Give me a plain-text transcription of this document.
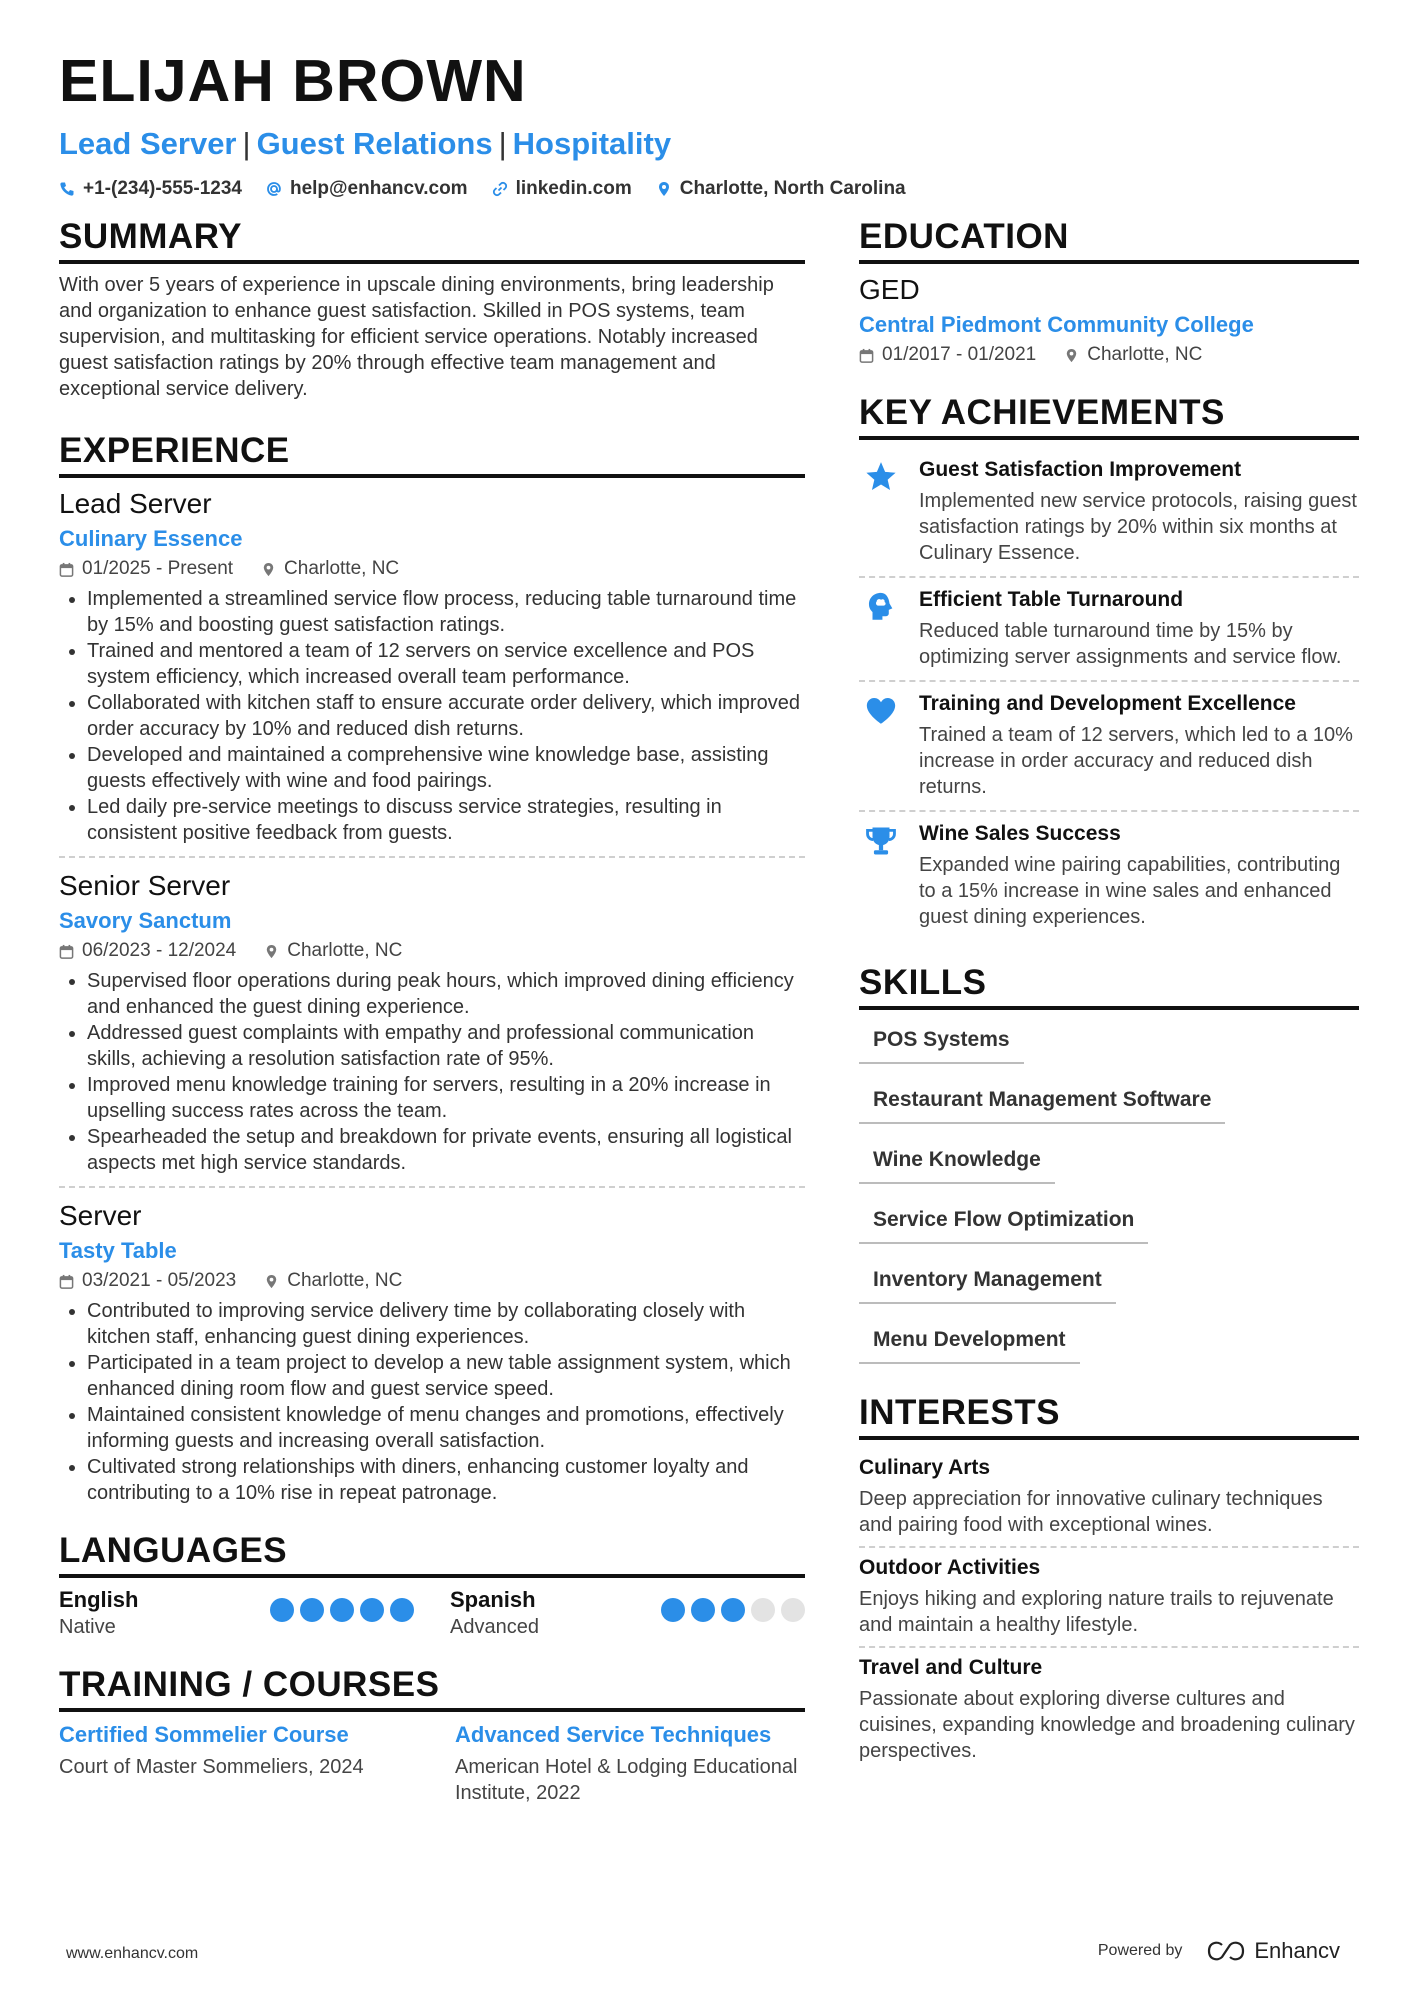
ELIJAH BROWN
Lead Server | Guest Relations | Hospitality
+1-(234)-555-1234	help@enhancv.com	linkedin.com	Charlotte, North Carolina
SUMMARY
With over 5 years of experience in upscale dining environments, bring leadership and organization to enhance guest satisfaction. Skilled in POS systems, team supervision, and multitasking for efficient service operations. Notably increased guest satisfaction ratings by 20% through effective team management and exceptional service delivery.
EXPERIENCE
Lead Server
Culinary Essence
01/2025 - Present	Charlotte, NC
• Implemented a streamlined service flow process, reducing table turnaround time by 15% and boosting guest satisfaction ratings.
• Trained and mentored a team of 12 servers on service excellence and POS system efficiency, which increased overall team performance.
• Collaborated with kitchen staff to ensure accurate order delivery, which improved order accuracy by 10% and reduced dish returns.
• Developed and maintained a comprehensive wine knowledge base, assisting guests effectively with wine and food pairings.
• Led daily pre-service meetings to discuss service strategies, resulting in consistent positive feedback from guests.
Senior Server
Savory Sanctum
06/2023 - 12/2024	Charlotte, NC
• Supervised floor operations during peak hours, which improved dining efficiency and enhanced the guest dining experience.
• Addressed guest complaints with empathy and professional communication skills, achieving a resolution satisfaction rate of 95%.
• Improved menu knowledge training for servers, resulting in a 20% increase in upselling success rates across the team.
• Spearheaded the setup and breakdown for private events, ensuring all logistical aspects met high service standards.
Server
Tasty Table
03/2021 - 05/2023	Charlotte, NC
• Contributed to improving service delivery time by collaborating closely with kitchen staff, enhancing guest dining experiences.
• Participated in a team project to develop a new table assignment system, which enhanced dining room flow and guest service speed.
• Maintained consistent knowledge of menu changes and promotions, effectively informing guests and increasing overall satisfaction.
• Cultivated strong relationships with diners, enhancing customer loyalty and contributing to a 10% rise in repeat patronage.
LANGUAGES
English
Native
Spanish
Advanced
TRAINING / COURSES
Certified Sommelier Course
Court of Master Sommeliers, 2024
Advanced Service Techniques
American Hotel & Lodging Educational Institute, 2022
EDUCATION
GED
Central Piedmont Community College
01/2017 - 01/2021	Charlotte, NC
KEY ACHIEVEMENTS
Guest Satisfaction Improvement
Implemented new service protocols, raising guest satisfaction ratings by 20% within six months at Culinary Essence.
Efficient Table Turnaround
Reduced table turnaround time by 15% by optimizing server assignments and service flow.
Training and Development Excellence
Trained a team of 12 servers, which led to a 10% increase in order accuracy and reduced dish returns.
Wine Sales Success
Expanded wine pairing capabilities, contributing to a 15% increase in wine sales and enhanced guest dining experiences.
SKILLS
POS Systems
Restaurant Management Software
Wine Knowledge
Service Flow Optimization
Inventory Management
Menu Development
INTERESTS
Culinary Arts
Deep appreciation for innovative culinary techniques and pairing food with exceptional wines.
Outdoor Activities
Enjoys hiking and exploring nature trails to rejuvenate and maintain a healthy lifestyle.
Travel and Culture
Passionate about exploring diverse cultures and cuisines, expanding knowledge and broadening culinary perspectives.
www.enhancv.com	Powered by	Enhancv
